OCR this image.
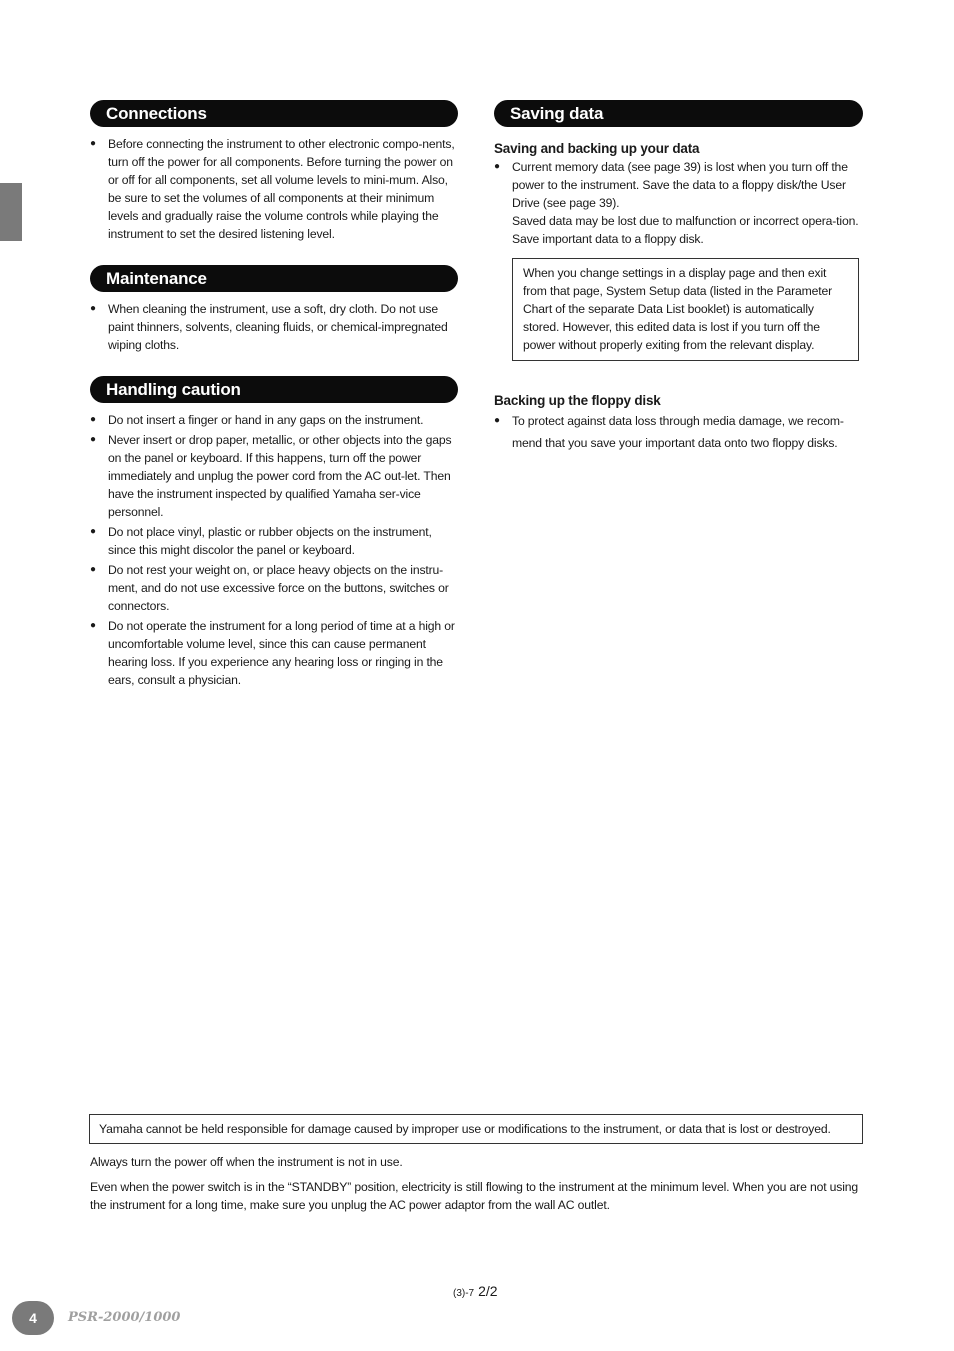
Connections
● Before connecting the instrument to other electronic compo-nents, turn off the power for all components. Before turning the power on or off for all components, set all volume levels to mini-mum. Also, be sure to set the volumes of all components at their minimum levels and gradually raise the volume controls while playing the instrument to set the desired listening level.
Maintenance
● When cleaning the instrument, use a soft, dry cloth. Do not use paint thinners, solvents, cleaning fluids, or chemical-impregnated wiping cloths.
Handling caution
● Do not insert a finger or hand in any gaps on the instrument.
● Never insert or drop paper, metallic, or other objects into the gaps on the panel or keyboard. If this happens, turn off the power immediately and unplug the power cord from the AC out-let. Then have the instrument inspected by qualified Yamaha ser-vice personnel.
● Do not place vinyl, plastic or rubber objects on the instrument, since this might discolor the panel or keyboard.
● Do not rest your weight on, or place heavy objects on the instru-ment, and do not use excessive force on the buttons, switches or connectors.
● Do not operate the instrument for a long period of time at a high or uncomfortable volume level, since this can cause permanent hearing loss. If you experience any hearing loss or ringing in the ears, consult a physician.
Saving data
Saving and backing up your data
● Current memory data (see page 39) is lost when you turn off the power to the instrument. Save the data to a floppy disk/the User Drive (see page 39).
Saved data may be lost due to malfunction or incorrect opera-tion. Save important data to a floppy disk.
When you change settings in a display page and then exit from that page, System Setup data (listed in the Parameter Chart of the separate Data List booklet) is automatically stored. However, this edited data is lost if you turn off the power without properly exiting from the relevant display.
Backing up the floppy disk
● To protect against data loss through media damage, we recom-mend that you save your important data onto two floppy disks.
Yamaha cannot be held responsible for damage caused by improper use or modifications to the instrument, or data that is lost or destroyed.
Always turn the power off when the instrument is not in use.
Even when the power switch is in the “STANDBY” position, electricity is still flowing to the instrument at the minimum level. When you are not using the instrument for a long time, make sure you unplug the AC power adaptor from the wall AC outlet.
(3)-7 2/2
4	PSR-2000/1000
